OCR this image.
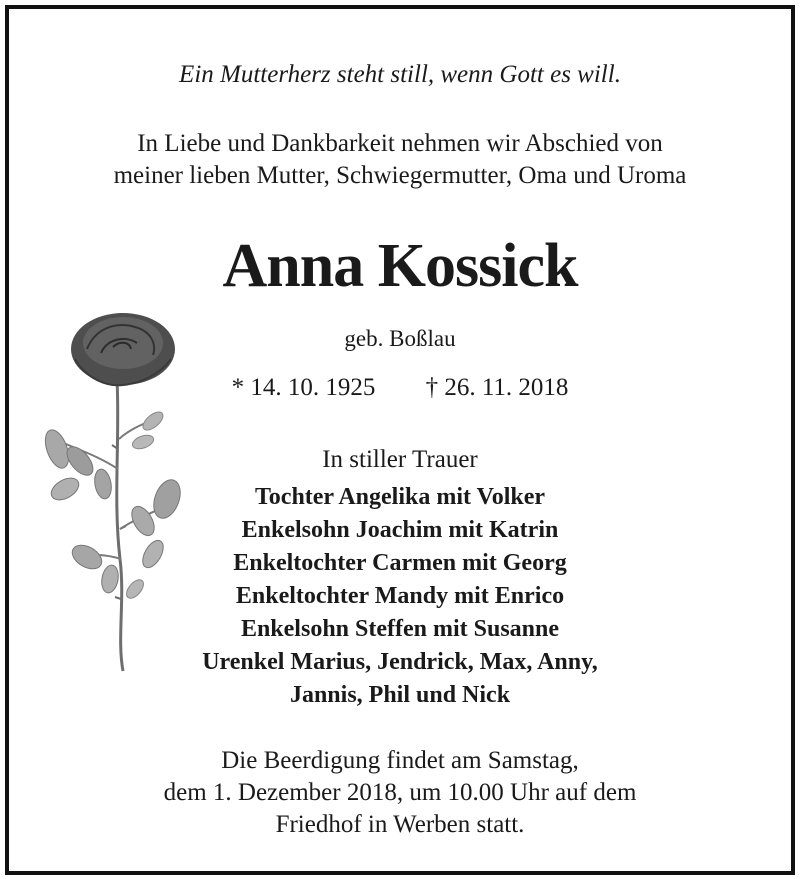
Ein Mutterherz steht still, wenn Gott es will.
In Liebe und Dankbarkeit nehmen wir Abschied von
meiner lieben Mutter, Schwiegermutter, Oma und Uroma
Anna Kossick
geb. Boßlau
* 14. 10. 1925 † 26. 11. 2018
In stiller Trauer
Tochter Angelika mit Volker
Enkelsohn Joachim mit Katrin
Enkeltochter Carmen mit Georg
Enkeltochter Mandy mit Enrico
Enkelsohn Steffen mit Susanne
Urenkel Marius, Jendrick, Max, Anny,
Jannis, Phil und Nick
Die Beerdigung findet am Samstag,
dem 1. Dezember 2018, um 10.00 Uhr auf dem
Friedhof in Werben statt.
